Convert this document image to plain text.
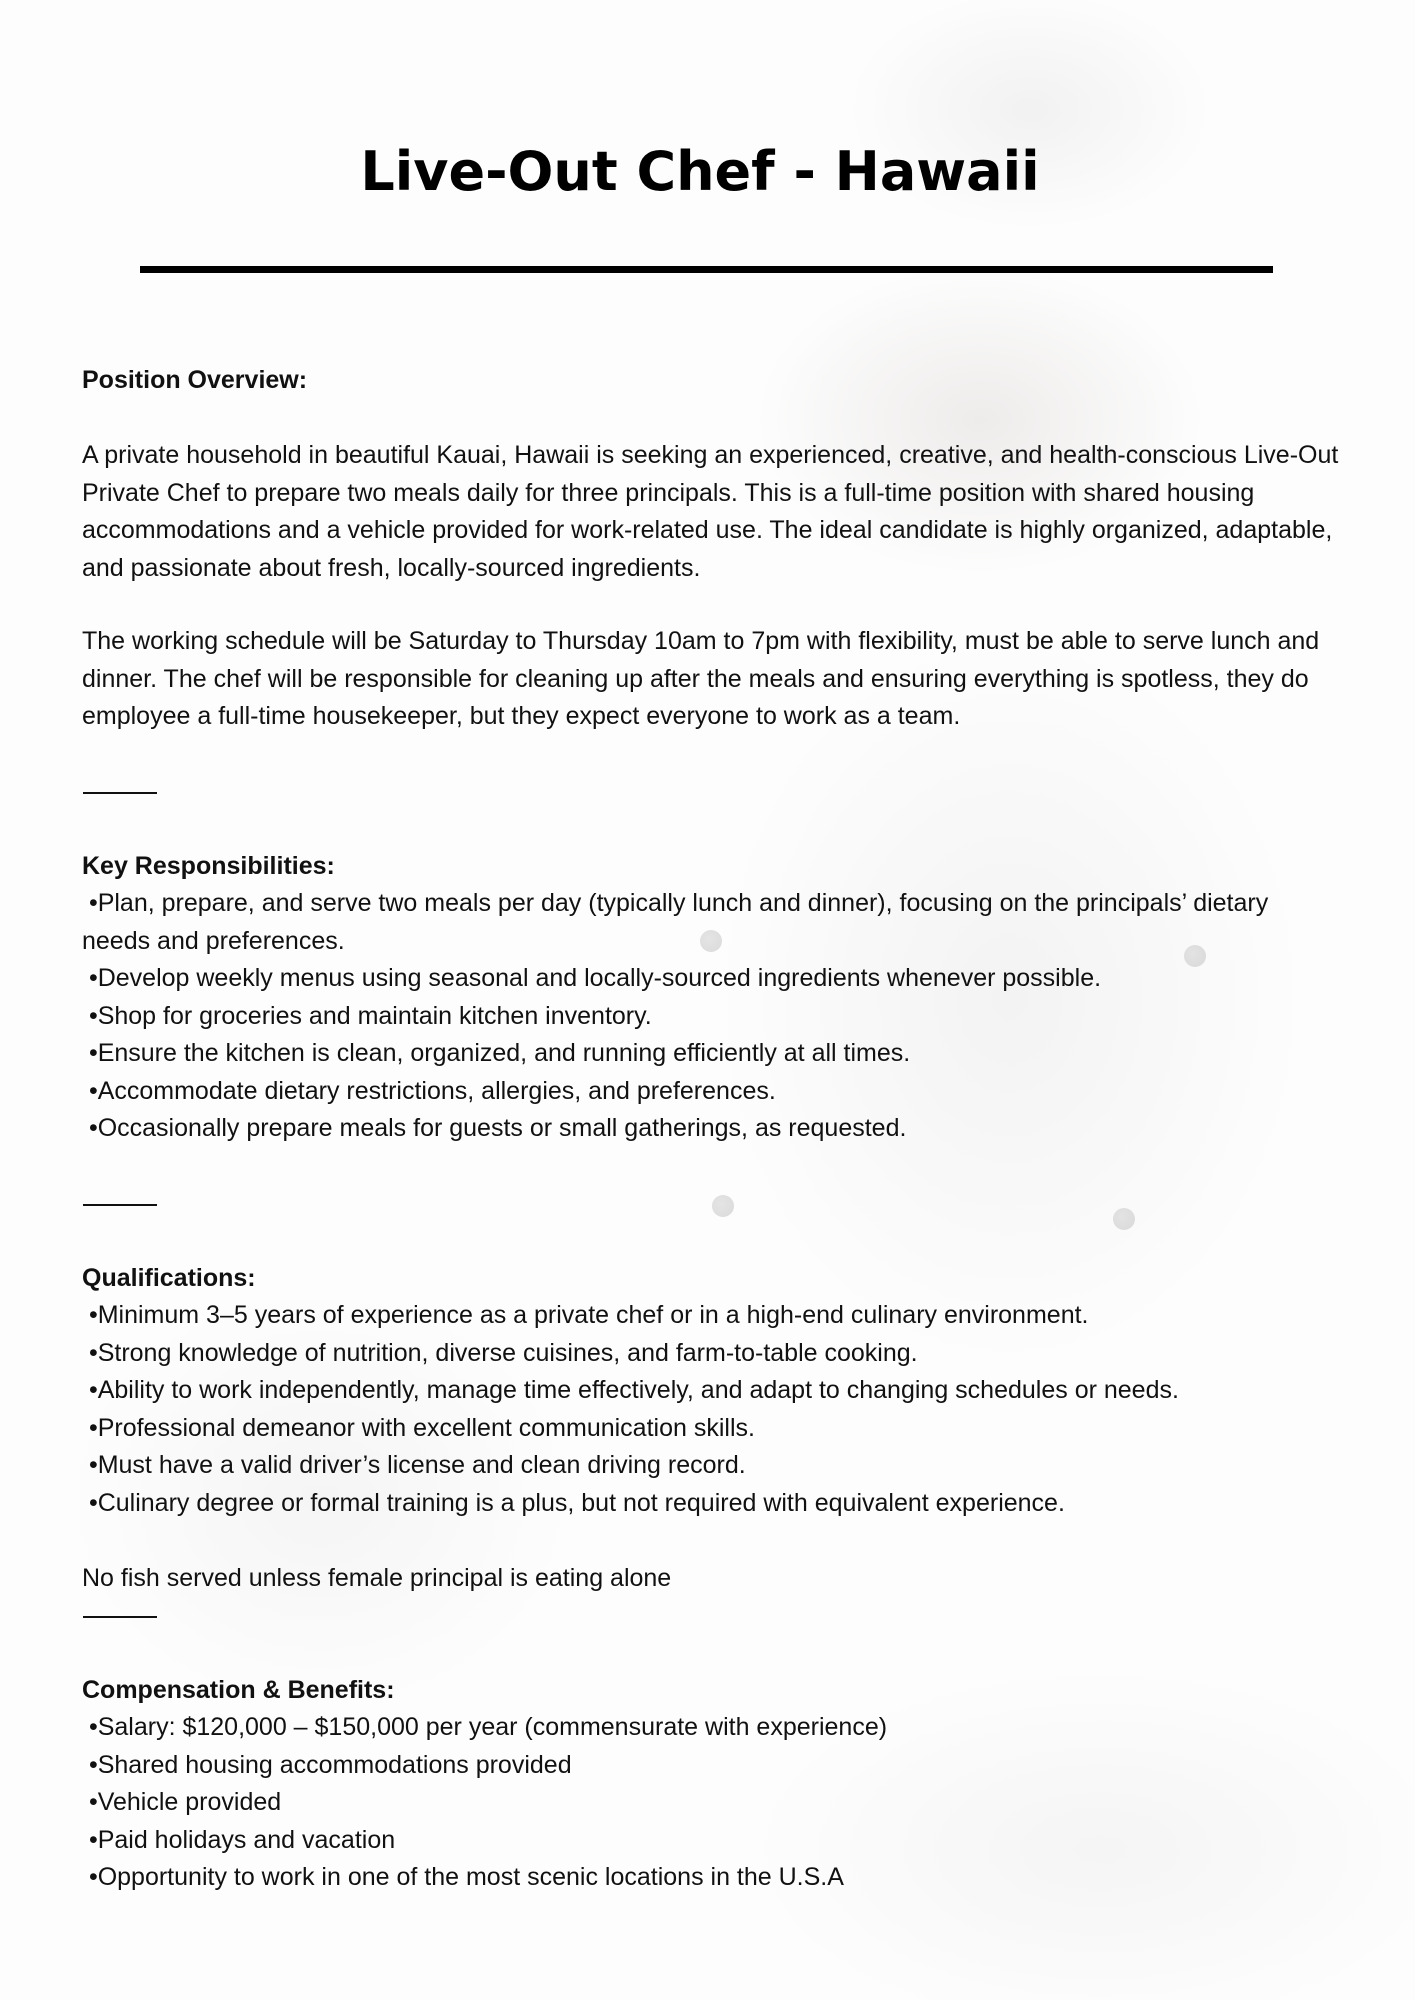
Live-Out Chef - Hawaii

Position Overview:

A private household in beautiful Kauai, Hawaii is seeking an experienced, creative, and health-conscious Live-Out Private Chef to prepare two meals daily for three principals. This is a full-time position with shared housing accommodations and a vehicle provided for work-related use. The ideal candidate is highly organized, adaptable, and passionate about fresh, locally-sourced ingredients.

The working schedule will be Saturday to Thursday 10am to 7pm with flexibility, must be able to serve lunch and dinner. The chef will be responsible for cleaning up after the meals and ensuring everything is spotless, they do employee a full-time housekeeper, but they expect everyone to work as a team.

Key Responsibilities:

• Plan, prepare, and serve two meals per day (typically lunch and dinner), focusing on the principals’ dietary needs and preferences.
• Develop weekly menus using seasonal and locally-sourced ingredients whenever possible.
• Shop for groceries and maintain kitchen inventory.
• Ensure the kitchen is clean, organized, and running efficiently at all times.
• Accommodate dietary restrictions, allergies, and preferences.
• Occasionally prepare meals for guests or small gatherings, as requested.

Qualifications:

• Minimum 3–5 years of experience as a private chef or in a high-end culinary environment.
• Strong knowledge of nutrition, diverse cuisines, and farm-to-table cooking.
• Ability to work independently, manage time effectively, and adapt to changing schedules or needs.
• Professional demeanor with excellent communication skills.
• Must have a valid driver’s license and clean driving record.
• Culinary degree or formal training is a plus, but not required with equivalent experience.

No fish served unless female principal is eating alone

Compensation & Benefits:

• Salary: $120,000 – $150,000 per year (commensurate with experience)
• Shared housing accommodations provided
• Vehicle provided
• Paid holidays and vacation
• Opportunity to work in one of the most scenic locations in the U.S.A
